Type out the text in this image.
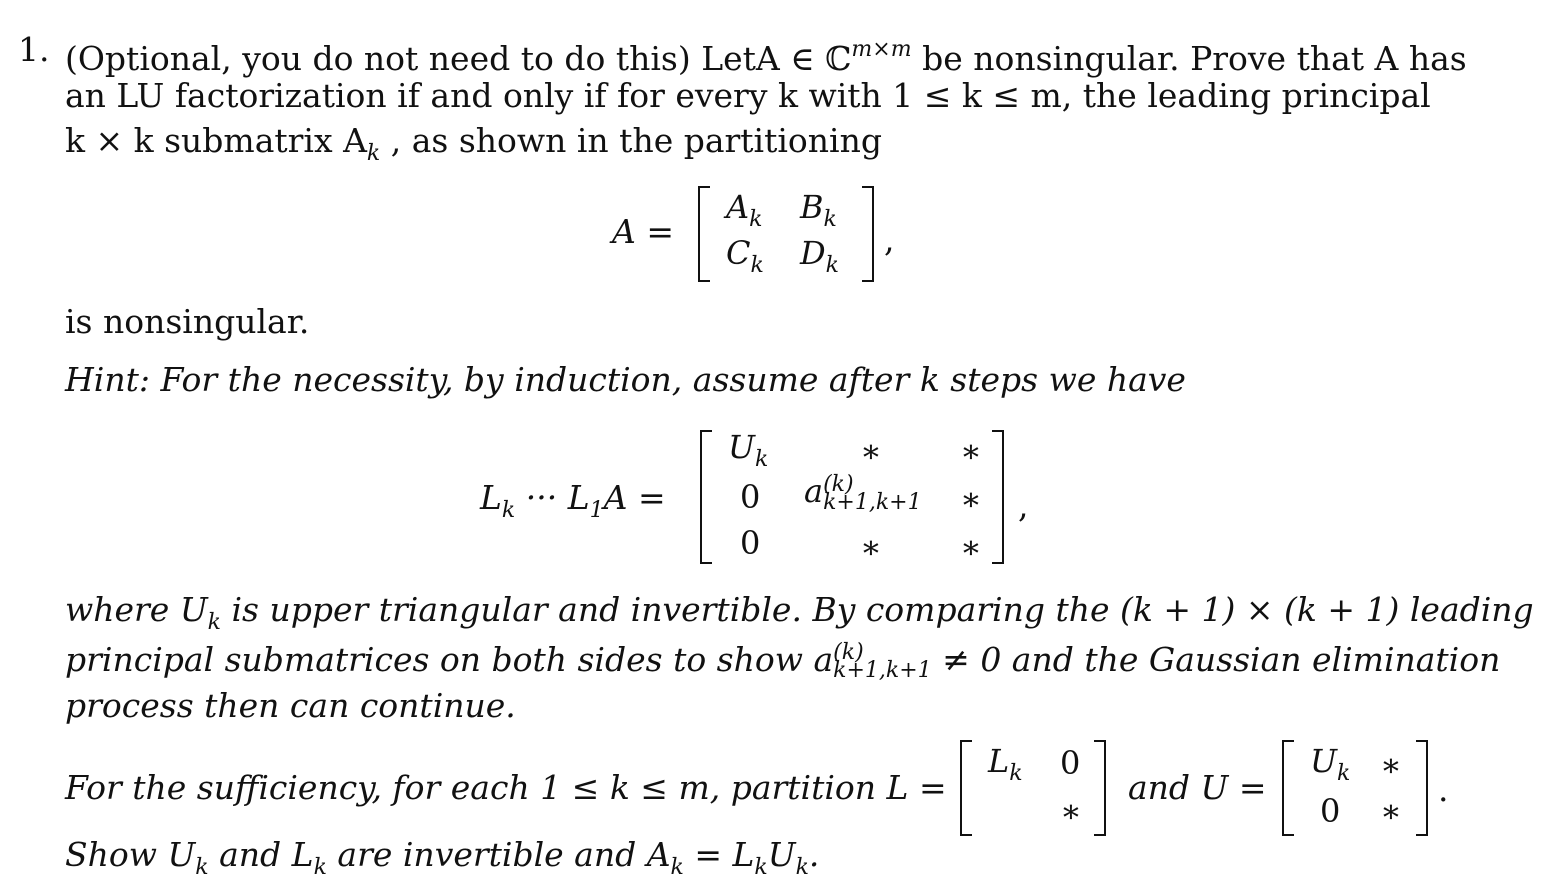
1. (Optional, you do not need to do this) LetA ∈ ℂ$^{m\times m}$ be nonsingular. Prove that A has
an LU factorization if and only if for every k with 1 ≤ k ≤ m, the leading principal
k × k submatrix $A_k$ , as shown in the partitioning
A =
$A_k$ $B_k$
$C_k$ $D_k$
,
is nonsingular.
Hint: For the necessity, by induction, assume after k steps we have
$L_k$ ··· $L_1A$ =
$U_k$	∗ ∗
0 a (k)
k+1,k+1 ∗
0	∗ ∗
,
where $U_k$ is upper triangular and invertible. By comparing the (k + 1) × (k + 1) leading
principal submatrices on both sides to show a (k)
k+1,k+1 ≠ 0 and the Gaussian elimination
process then can continue.
For the sufficiency, for each 1 ≤ k ≤ m, partition L =
$L_k$ 0
∗
and U =
$U_k$ ∗
0 ∗
.
Show $U_k$ and $L_k$ are invertible and $A_k = L_kU_k$.
